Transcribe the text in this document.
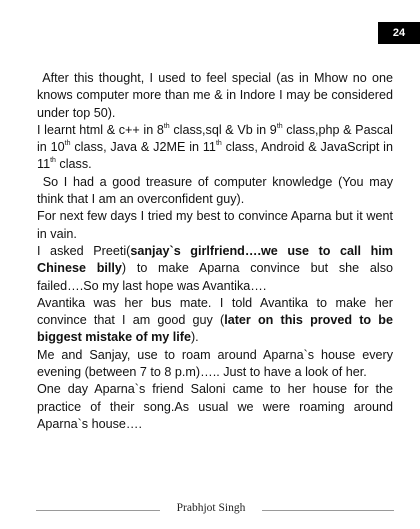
24

After this thought, I used to feel special (as in Mhow no one knows computer more than me & in Indore I may be considered under top 50).

I learnt html & c++ in 8th class,sql & Vb in 9th class,php & Pascal in 10th class, Java & J2ME in 11th class, Android & JavaScript in 11th class.

So I had a good treasure of computer knowledge (You may think that I am an overconfident guy).

For next few days I tried my best to convince Aparna but it went in vain.

I asked Preeti(sanjay`s girlfriend….we use to call him Chinese billy) to make Aparna convince but she also failed….So my last hope was Avantika….

Avantika was her bus mate. I told Avantika to make her convince that I am good guy (later on this proved to be biggest mistake of my life).

Me and Sanjay, use to roam around Aparna`s house every evening (between 7 to 8 p.m)….. Just to have a look of her.

One day Aparna`s friend Saloni came to her house for the practice of their song.As usual we were roaming around Aparna`s house….

Prabhjot Singh
